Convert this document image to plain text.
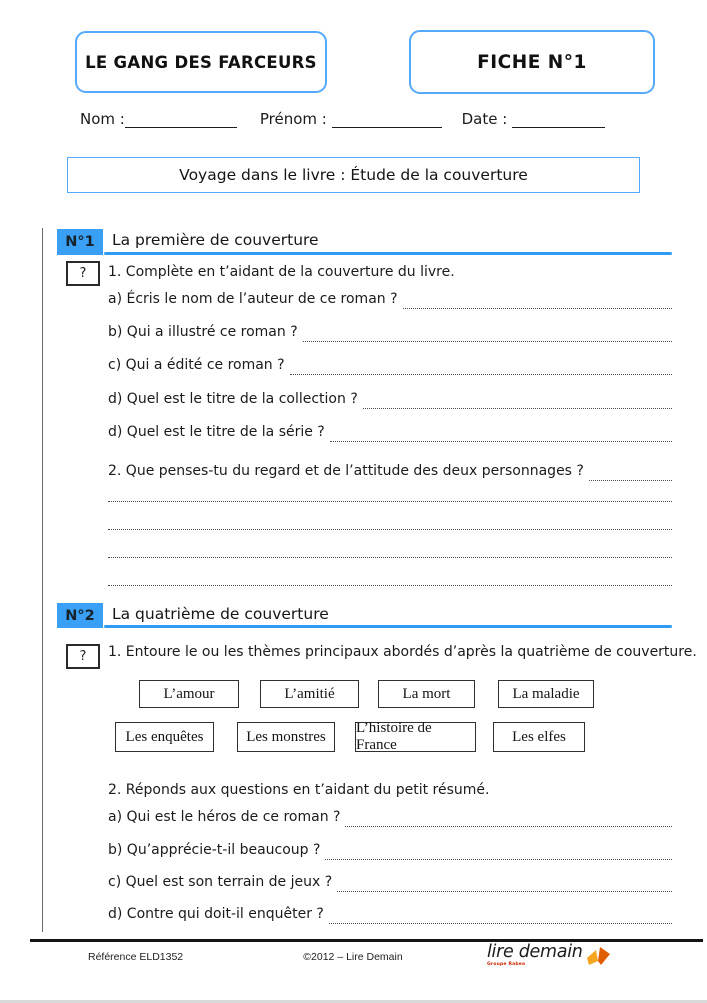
LE GANG DES FARCEURS	FICHE N°1
Nom :	Prénom :
	Date :

Voyage dans le livre : Étude de la couverture
N°1	La première de couverture
?	1. Complète en t’aidant de la couverture du livre.
a) Écris le nom de l’auteur de ce roman ?
b) Qui a illustré ce roman ?
c) Qui a édité ce roman ?
d) Quel est le titre de la collection ?
d) Quel est le titre de la série ?
2. Que penses-tu du regard et de l’attitude des deux personnages ?
N°2	La quatrième de couverture
?	1. Entoure le ou les thèmes principaux abordés d’après la quatrième de couverture.
L’amour	L’amitié	La mort	La maladie
Les enquêtes	Les monstres
L’histoire de France
Les elfes
2. Réponds aux questions en t’aidant du petit résumé.
a) Qui est le héros de ce roman ?
b) Qu’apprécie-t-il beaucoup ?
c) Quel est son terrain de jeux ?
d) Contre qui doit-il enquêter ?
Référence ELD1352	©2012 – Lire Demain	lire demain
Groupe Rabea
